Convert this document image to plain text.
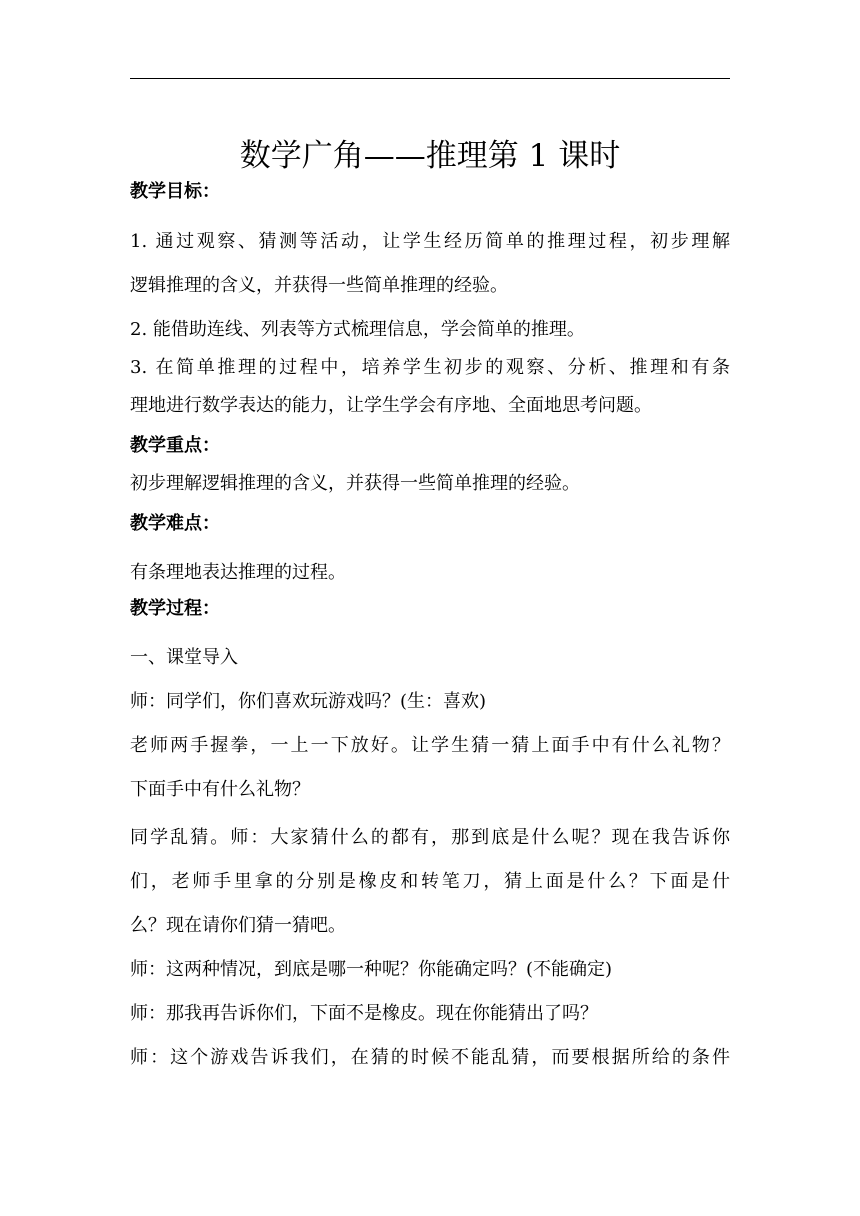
数学广角——推理第 1 课时
教学目标：
1. 通过观察、猜测等活动，让学生经历简单的推理过程，初步理解
逻辑推理的含义，并获得一些简单推理的经验。
2. 能借助连线、列表等方式梳理信息，学会简单的推理。
3. 在简单推理的过程中，培养学生初步的观察、分析、推理和有条
理地进行数学表达的能力，让学生学会有序地、全面地思考问题。
教学重点：
初步理解逻辑推理的含义，并获得一些简单推理的经验。
教学难点：
有条理地表达推理的过程。
教学过程：
一、课堂导入
师：同学们，你们喜欢玩游戏吗？(生：喜欢)
老师两手握拳，一上一下放好。让学生猜一猜上面手中有什么礼物？
下面手中有什么礼物？
同学乱猜。师：大家猜什么的都有，那到底是什么呢？现在我告诉你
们，老师手里拿的分别是橡皮和转笔刀，猜上面是什么？下面是什
么？现在请你们猜一猜吧。
师：这两种情况，到底是哪一种呢？你能确定吗？(不能确定)
师：那我再告诉你们，下面不是橡皮。现在你能猜出了吗？
师：这个游戏告诉我们，在猜的时候不能乱猜，而要根据所给的条件
